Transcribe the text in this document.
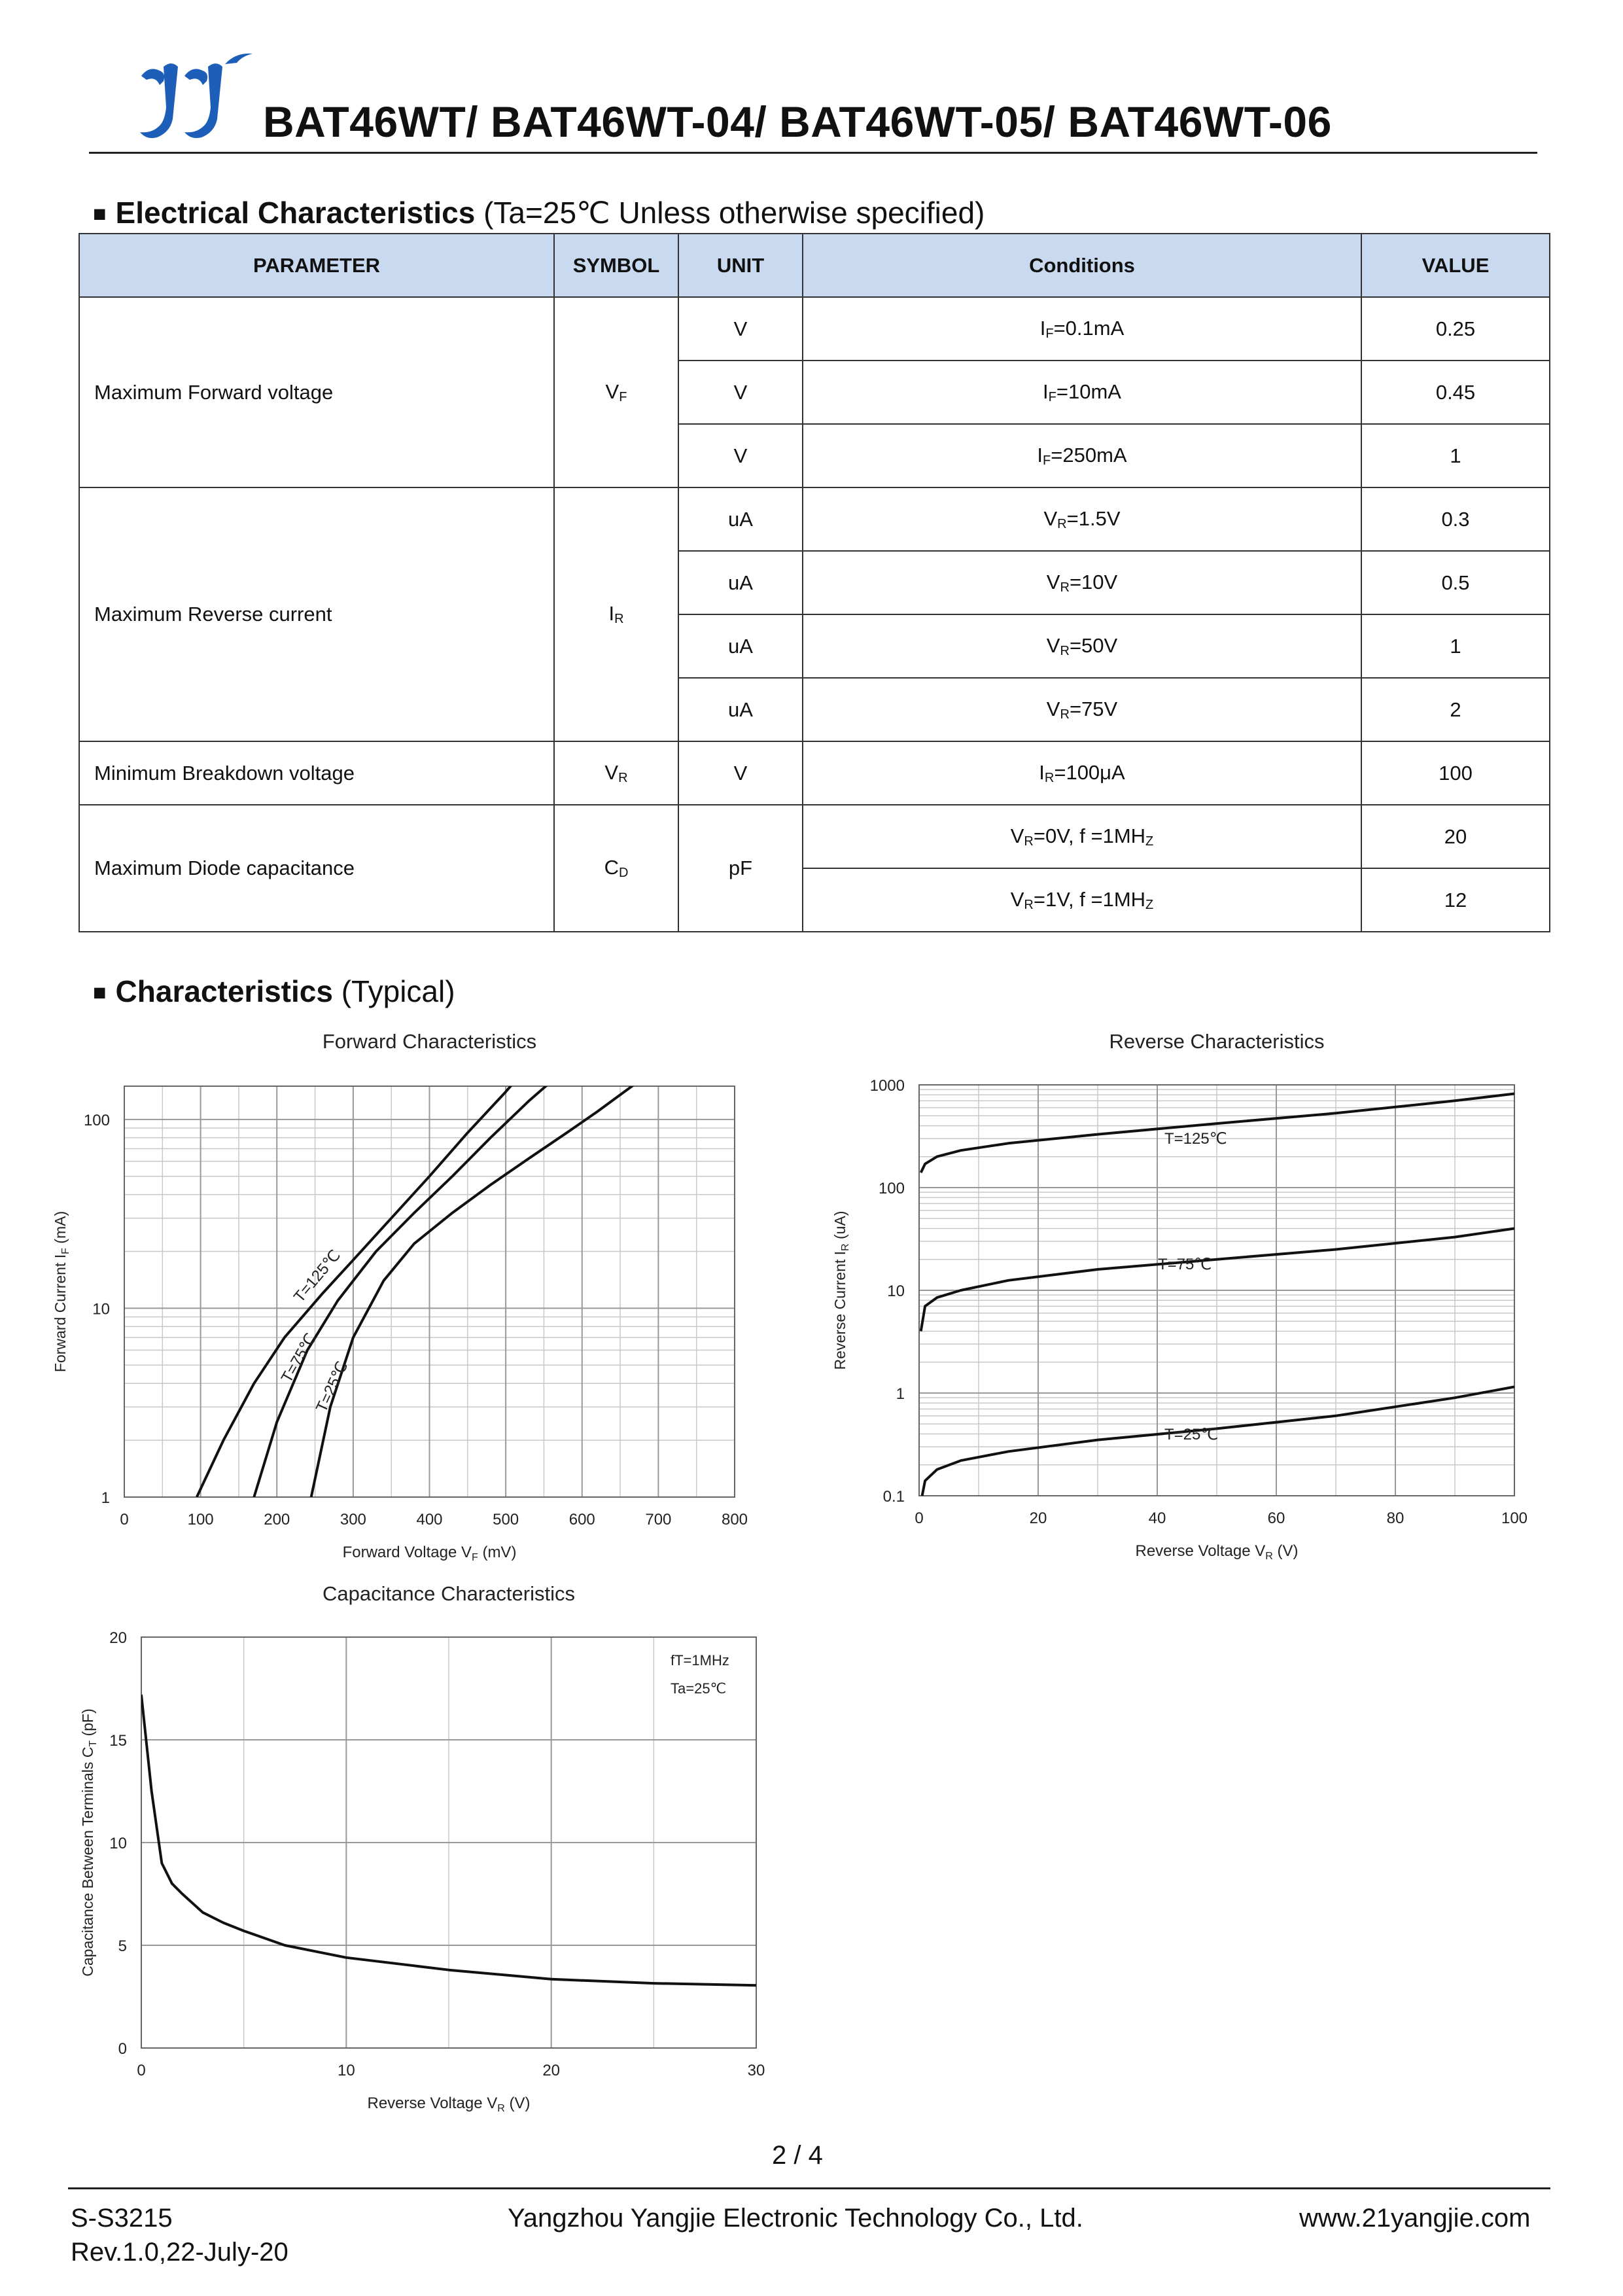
BAT46WT/ BAT46WT-04/ BAT46WT-05/ BAT46WT-06
■ Electrical Characteristics (Ta=25℃ Unless otherwise specified)
PARAMETER	SYMBOL	UNIT	Conditions	VALUE
Maximum Forward voltage	$V_F$	V	$I_F=0.1mA$	0.25
		V	$I_F=10mA$	0.45
		V	$I_F=250mA$	1
Maximum Reverse current	$I_R$	uA	$V_R=1.5V$	0.3
		uA	$V_R=10V$	0.5
		uA	$V_R=50V$	1
		uA	$V_R=75V$	2
Minimum Breakdown voltage	$V_R$	V	$I_R=100\mu A$	100
Maximum Diode capacitance	$C_D$	pF	$V_R=0V$, $f =1MH_Z$	20
			$V_R=1V$, $f =1MH_Z$	12
■ Characteristics (Typical)
Forward Characteristics
1
10
100
0	100	200	300	400	500	600	700	800
Forward Voltage $V_F$ (mV)
Forward Current $I_F$ (mA)
T=125℃
T=75℃
T=25℃
Reverse Characteristics
0.1
1
10
100
1000
0	20	40	60	80	100
Reverse Voltage $V_R$ (V)
Reverse Current $I_R$ (uA)
T=125℃
T=75℃
T=25℃
Capacitance Characteristics
0
5
10
15
20
0	10	20	30
Reverse Voltage $V_R$ (V)
Capacitance Between Terminals $C_T$ (pF)
fT=1MHz
Ta=25℃
2 / 4
S-S3215
Rev.1.0,22-July-20
Yangzhou Yangjie Electronic Technology Co., Ltd.	www.21yangjie.com
